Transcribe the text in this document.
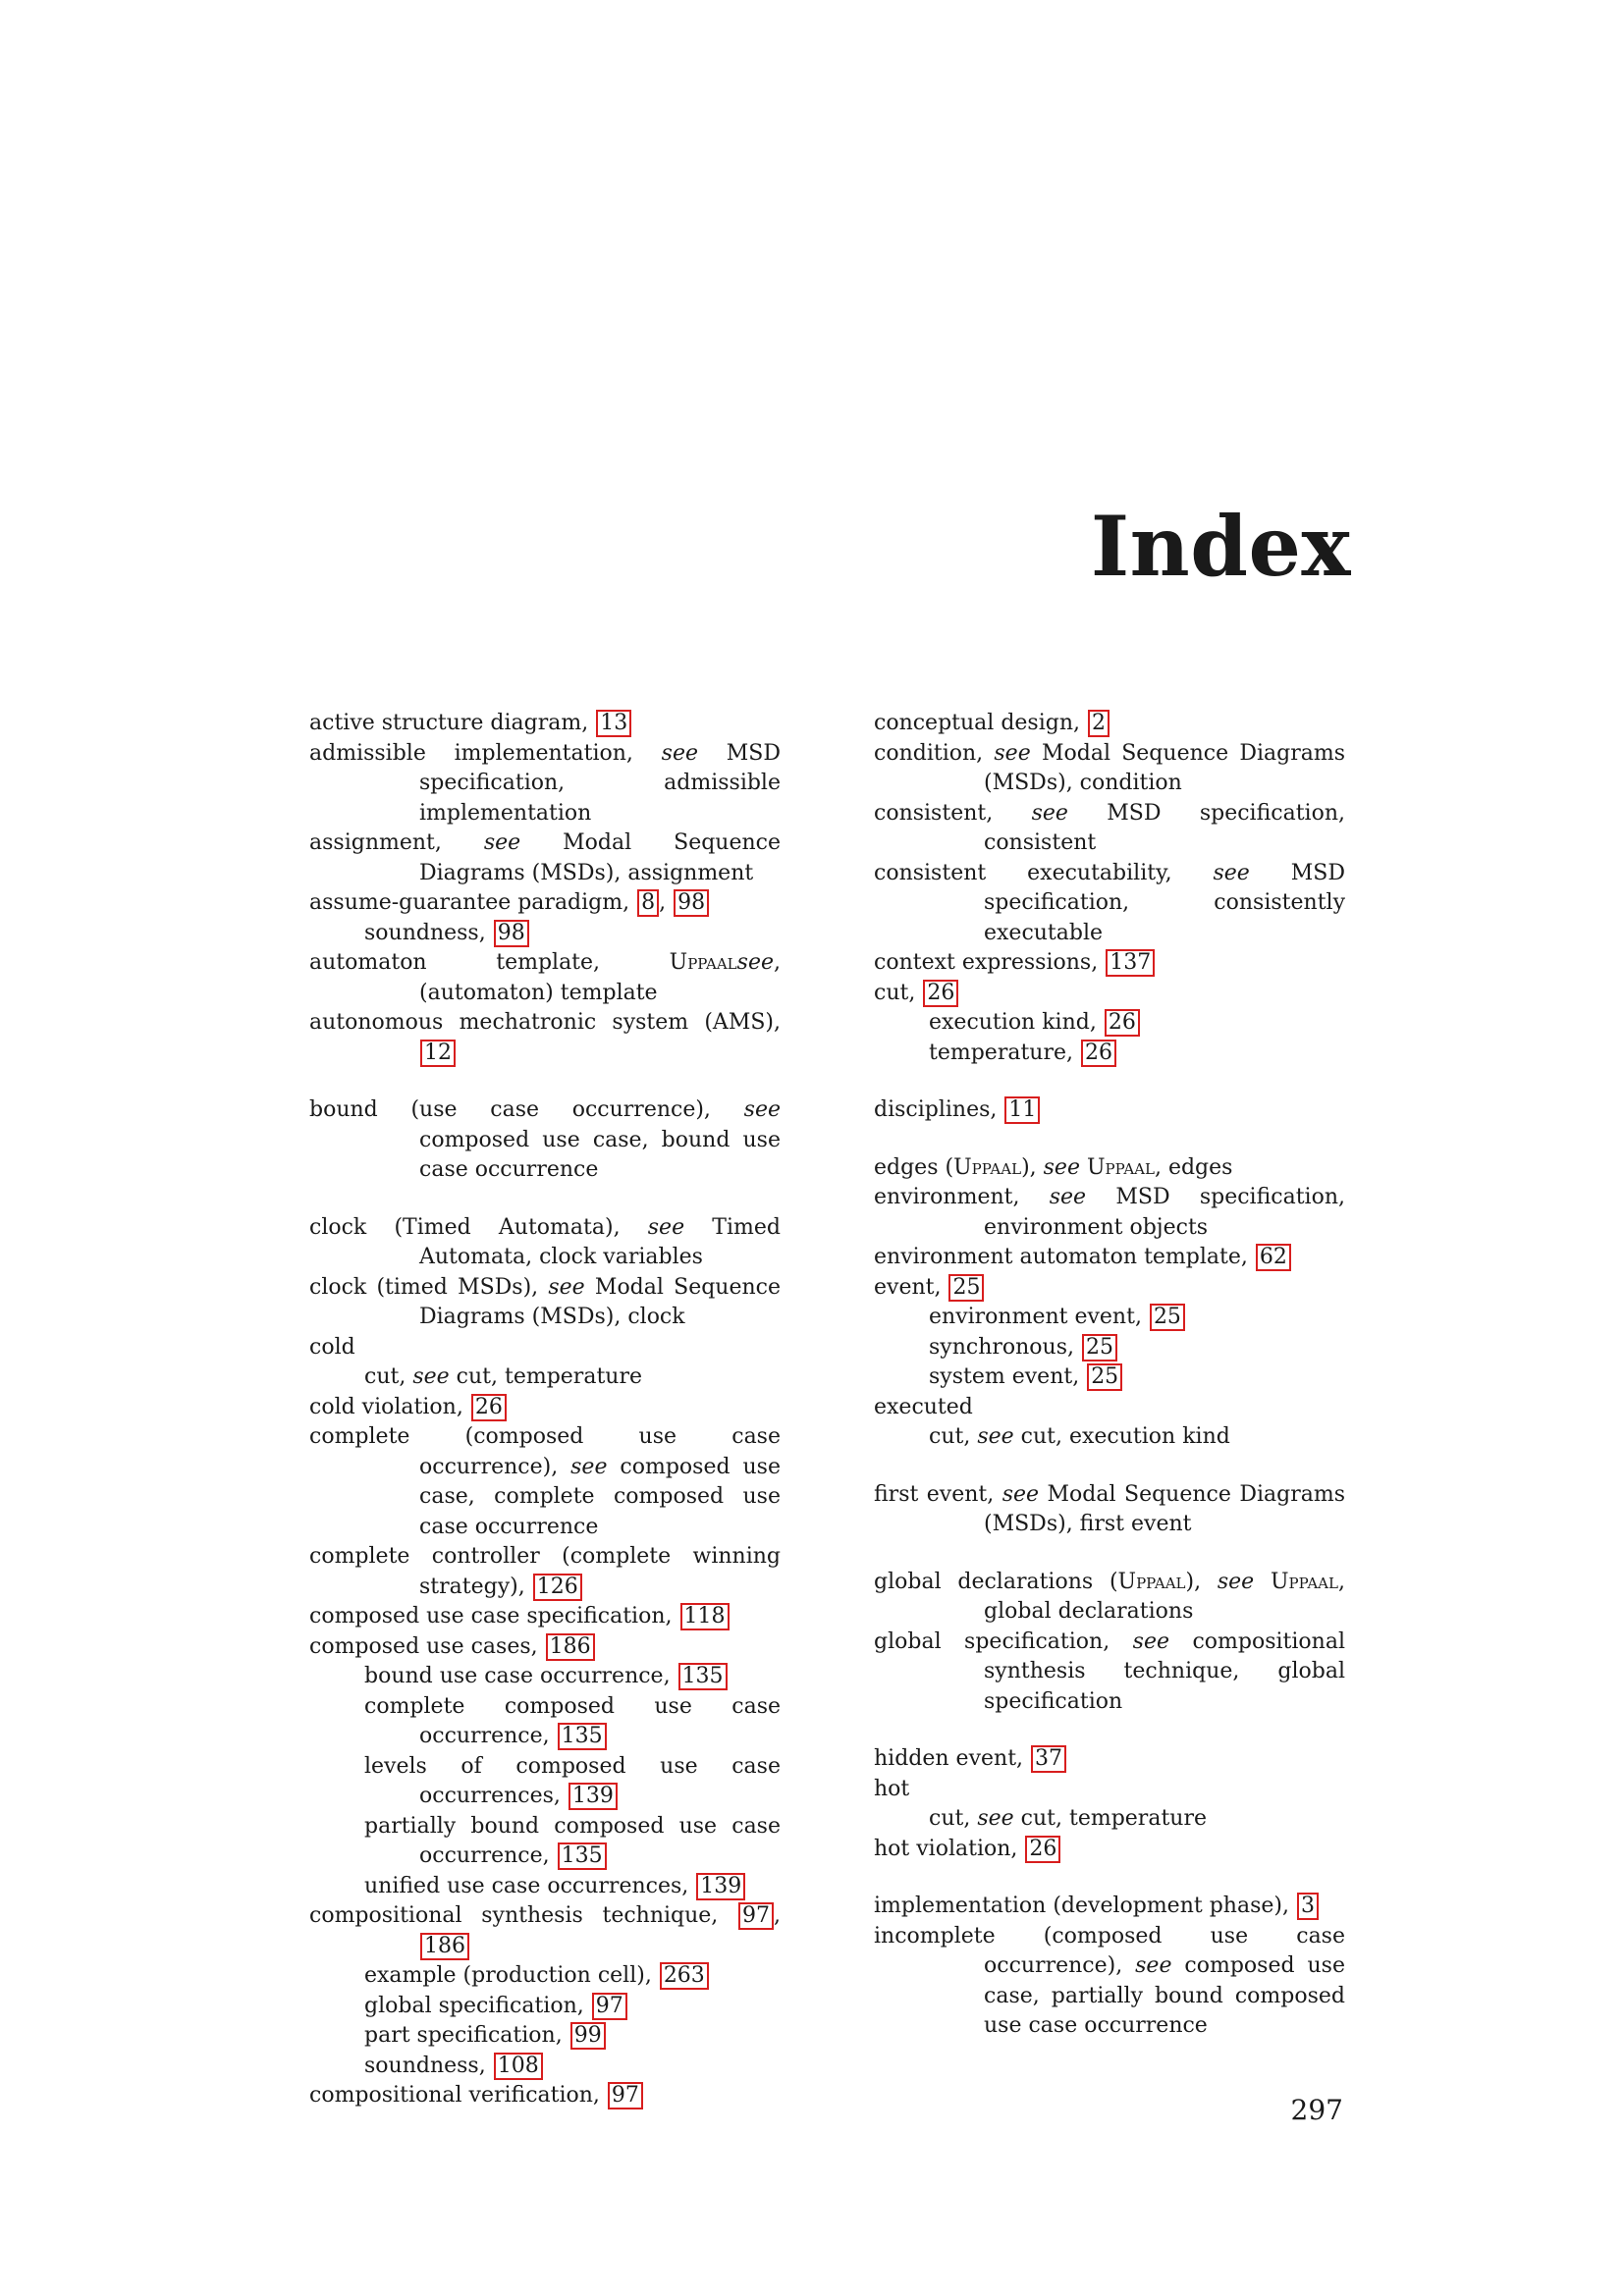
Index
active structure diagram, 13
admissible implementation, see MSD specification, admissible implementation
assignment, see Modal Sequence Diagrams (MSDs), assignment
assume-guarantee paradigm, 8 , 98
soundness, 98
automaton template, Uppaalsee, (automaton) template
autonomous mechatronic system (AMS), 12
bound (use case occurrence), see composed use case, bound use case occurrence
clock (Timed Automata), see Timed Automata, clock variables
clock (timed MSDs), see Modal Sequence Diagrams (MSDs), clock
cold
cut, see cut, temperature
cold violation, 26
complete (composed use case occurrence), see composed use case, complete composed use case occurrence
complete controller (complete winning strategy), 126
composed use case specification, 118
composed use cases, 186
bound use case occurrence, 135
complete composed use case occurrence, 135
levels of composed use case occurrences, 139
partially bound composed use case occurrence, 135
unified use case occurrences, 139
compositional synthesis technique, 97 , 186
example (production cell), 263
global specification, 97
part specification, 99
soundness, 108
compositional verification, 97
conceptual design, 2
condition, see Modal Sequence Diagrams (MSDs), condition
consistent, see MSD specification, consistent
consistent executability, see MSD specification, consistently executable
context expressions, 137
cut, 26
execution kind, 26
temperature, 26
disciplines, 11
edges (Uppaal), see Uppaal, edges
environment, see MSD specification, environment objects
environment automaton template, 62
event, 25
environment event, 25
synchronous, 25
system event, 25
executed
cut, see cut, execution kind
first event, see Modal Sequence Diagrams (MSDs), first event
global declarations (Uppaal), see Uppaal, global declarations
global specification, see compositional synthesis technique, global specification
hidden event, 37
hot
cut, see cut, temperature
hot violation, 26
implementation (development phase), 3
incomplete (composed use case occurrence), see composed use case, partially bound composed use case occurrence
297
